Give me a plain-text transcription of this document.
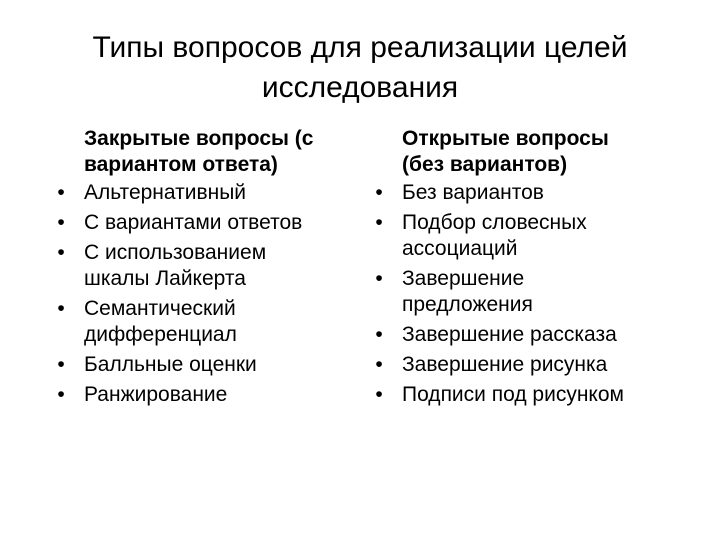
Типы вопросов для реализации целей
исследования
Закрытые вопросы (с
вариантом ответа)
• Альтернативный
• С вариантами ответов
• С использованием
шкалы Лайкерта
• Семантический
дифференциал
• Балльные оценки
• Ранжирование
Открытые вопросы
(без вариантов)
• Без вариантов
• Подбор словесных
ассоциаций
• Завершение
предложения
• Завершение рассказа
• Завершение рисунка
• Подписи под рисунком
